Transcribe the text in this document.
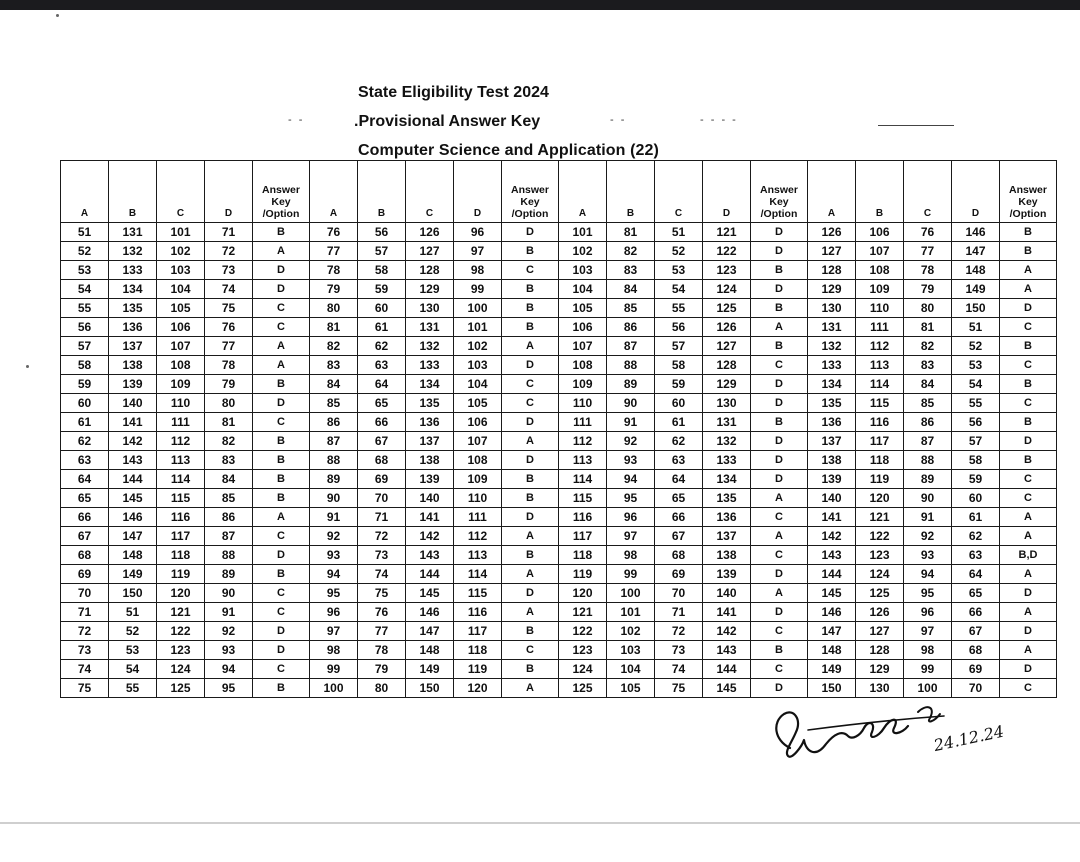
State Eligibility Test 2024
.Provisional Answer Key
Computer Science and Application (22)
- -	- -	- - - -
A	B	C	D	Answer Key /Option	A	B	C	D	Answer Key /Option	A	B	C	D	Answer Key /Option	A	B	C	D	Answer Key /Option
51	131	101	71	B	76	56	126	96	D	101	81	51	121	D	126	106	76	146	B
52	132	102	72	A	77	57	127	97	B	102	82	52	122	D	127	107	77	147	B
53	133	103	73	D	78	58	128	98	C	103	83	53	123	B	128	108	78	148	A
54	134	104	74	D	79	59	129	99	B	104	84	54	124	D	129	109	79	149	A
55	135	105	75	C	80	60	130	100	B	105	85	55	125	B	130	110	80	150	D
56	136	106	76	C	81	61	131	101	B	106	86	56	126	A	131	111	81	51	C
57	137	107	77	A	82	62	132	102	A	107	87	57	127	B	132	112	82	52	B
58	138	108	78	A	83	63	133	103	D	108	88	58	128	C	133	113	83	53	C
59	139	109	79	B	84	64	134	104	C	109	89	59	129	D	134	114	84	54	B
60	140	110	80	D	85	65	135	105	C	110	90	60	130	D	135	115	85	55	C
61	141	111	81	C	86	66	136	106	D	111	91	61	131	B	136	116	86	56	B
62	142	112	82	B	87	67	137	107	A	112	92	62	132	D	137	117	87	57	D
63	143	113	83	B	88	68	138	108	D	113	93	63	133	D	138	118	88	58	B
64	144	114	84	B	89	69	139	109	B	114	94	64	134	D	139	119	89	59	C
65	145	115	85	B	90	70	140	110	B	115	95	65	135	A	140	120	90	60	C
66	146	116	86	A	91	71	141	111	D	116	96	66	136	C	141	121	91	61	A
67	147	117	87	C	92	72	142	112	A	117	97	67	137	A	142	122	92	62	A
68	148	118	88	D	93	73	143	113	B	118	98	68	138	C	143	123	93	63	B,D
69	149	119	89	B	94	74	144	114	A	119	99	69	139	D	144	124	94	64	A
70	150	120	90	C	95	75	145	115	D	120	100	70	140	A	145	125	95	65	D
71	51	121	91	C	96	76	146	116	A	121	101	71	141	D	146	126	96	66	A
72	52	122	92	D	97	77	147	117	B	122	102	72	142	C	147	127	97	67	D
73	53	123	93	D	98	78	148	118	C	123	103	73	143	B	148	128	98	68	A
74	54	124	94	C	99	79	149	119	B	124	104	74	144	C	149	129	99	69	D
75	55	125	95	B	100	80	150	120	A	125	105	75	145	D	150	130	100	70	C
24.12.24
